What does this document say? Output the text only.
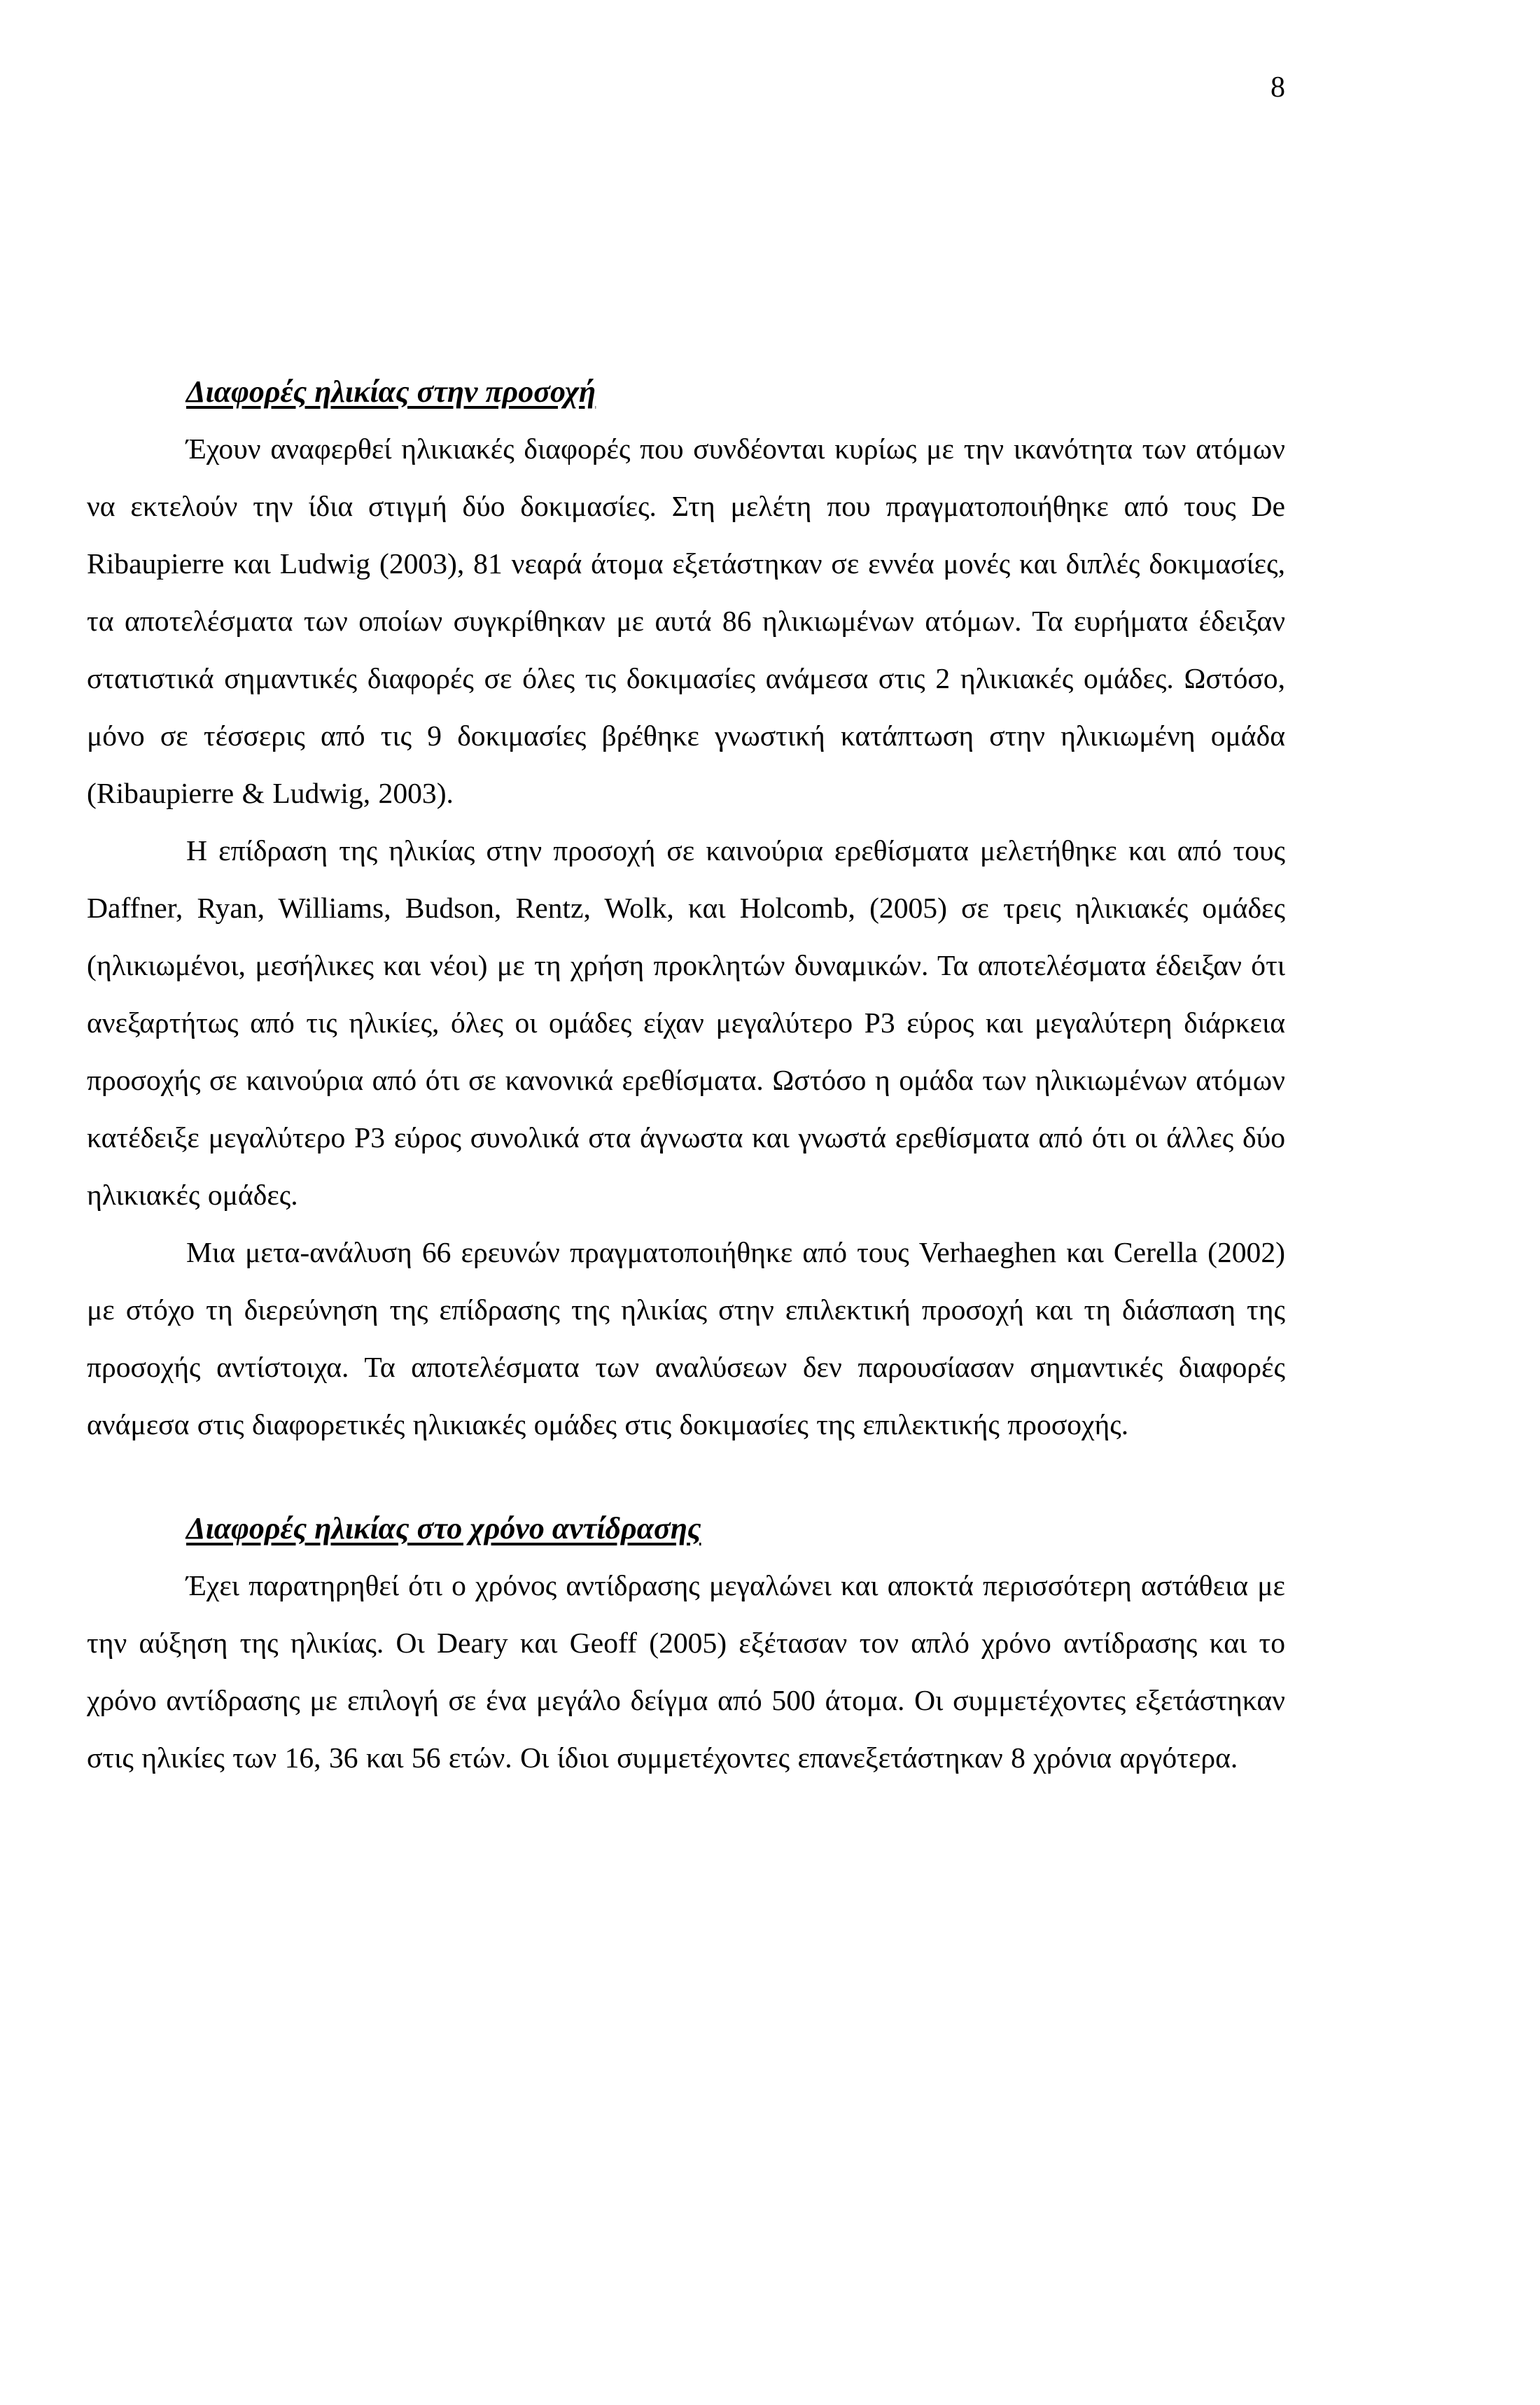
8
Διαφορές ηλικίας στην προσοχή

Έχουν αναφερθεί ηλικιακές διαφορές που συνδέονται κυρίως με την ικανότητα των ατόμων να εκτελούν την ίδια στιγμή δύο δοκιμασίες. Στη μελέτη που πραγματοποιήθηκε από τους De Ribaupierre και Ludwig (2003), 81 νεαρά άτομα εξετάστηκαν σε εννέα μονές και διπλές δοκιμασίες, τα αποτελέσματα των οποίων συγκρίθηκαν με αυτά 86 ηλικιωμένων ατόμων. Τα ευρήματα έδειξαν στατιστικά σημαντικές διαφορές σε όλες τις δοκιμασίες ανάμεσα στις 2 ηλικιακές ομάδες. Ωστόσο, μόνο σε τέσσερις από τις 9 δοκιμασίες βρέθηκε γνωστική κατάπτωση στην ηλικιωμένη ομάδα (Ribaupierre & Ludwig, 2003).

Η επίδραση της ηλικίας στην προσοχή σε καινούρια ερεθίσματα μελετήθηκε και από τους Daffner, Ryan, Williams, Budson, Rentz, Wolk, και Holcomb, (2005) σε τρεις ηλικιακές ομάδες (ηλικιωμένοι, μεσήλικες και νέοι) με τη χρήση προκλητών δυναμικών. Τα αποτελέσματα έδειξαν ότι ανεξαρτήτως από τις ηλικίες, όλες οι ομάδες είχαν μεγαλύτερο P3 εύρος και μεγαλύτερη διάρκεια προσοχής σε καινούρια από ότι σε κανονικά ερεθίσματα. Ωστόσο η ομάδα των ηλικιωμένων ατόμων κατέδειξε μεγαλύτερο P3 εύρος συνολικά στα άγνωστα και γνωστά ερεθίσματα από ότι οι άλλες δύο ηλικιακές ομάδες.

Μια μετα-ανάλυση 66 ερευνών πραγματοποιήθηκε από τους Verhaeghen και Cerella (2002) με στόχο τη διερεύνηση της επίδρασης της ηλικίας στην επιλεκτική προσοχή και τη διάσπαση της προσοχής αντίστοιχα. Τα αποτελέσματα των αναλύσεων δεν παρουσίασαν σημαντικές διαφορές ανάμεσα στις διαφορετικές ηλικιακές ομάδες στις δοκιμασίες της επιλεκτικής προσοχής.

Διαφορές ηλικίας στο χρόνο αντίδρασης

Έχει παρατηρηθεί ότι ο χρόνος αντίδρασης μεγαλώνει και αποκτά περισσότερη αστάθεια με την αύξηση της ηλικίας. Οι Deary και Geoff (2005) εξέτασαν τον απλό χρόνο αντίδρασης και το χρόνο αντίδρασης με επιλογή σε ένα μεγάλο δείγμα από 500 άτομα. Οι συμμετέχοντες εξετάστηκαν στις ηλικίες των 16, 36 και 56 ετών. Οι ίδιοι συμμετέχοντες επανεξετάστηκαν 8 χρόνια αργότερα.
